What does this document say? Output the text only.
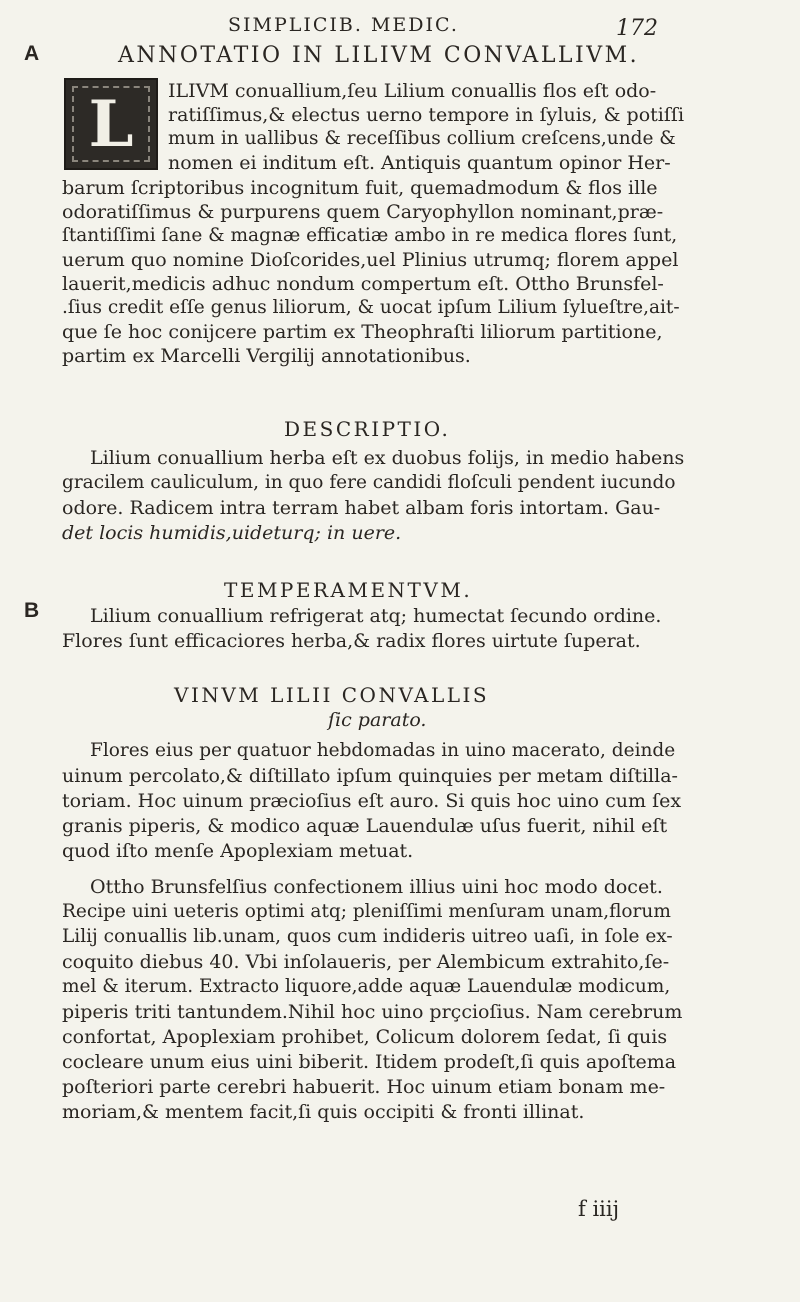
SIMPLICIB. MEDIC.	172
A	ANNOTATIO IN LILIVM CONVALLIVM.
L	ILIVM conuallium,ſeu Lilium conuallis flos eſt odo-
ratiſſimus,& electus uerno tempore in ſyluis, & potiſſi
mum in uallibus & receſſibus collium creſcens,unde &
nomen ei inditum eſt. Antiquis quantum opinor Her-
barum ſcriptoribus incognitum fuit, quemadmodum & flos ille
odoratiſſimus & purpurens quem Caryophyllon nominant,præ-
ſtantiſſimi ſane & magnæ efficatiæ ambo in re medica flores ſunt,
uerum quo nomine Dioſcorides,uel Plinius utrumq; florem appel
lauerit,medicis adhuc nondum compertum eſt. Ottho Brunsfel-
.ſius credit eſſe genus liliorum, & uocat ipſum Lilium ſylueſtre,ait-
que ſe hoc conijcere partim ex Theophraſti liliorum partitione,
partim ex Marcelli Vergilij annotationibus.
DESCRIPTIO.
Lilium conuallium herba eſt ex duobus folijs, in medio habens
gracilem cauliculum, in quo fere candidi floſculi pendent iucundo
odore. Radicem intra terram habet albam foris intortam. Gau-
det locis humidis,uideturq; in uere.
TEMPERAMENTVM.
B	Lilium conuallium refrigerat atq; humectat ſecundo ordine.
Flores ſunt efficaciores herba,& radix flores uirtute ſuperat.
VINVM LILII CONVALLIS
ſic parato.
Flores eius per quatuor hebdomadas in uino macerato, deinde
uinum percolato,& diſtillato ipſum quinquies per metam diſtilla-
toriam. Hoc uinum præcioſius eſt auro. Si quis hoc uino cum ſex
granis piperis, & modico aquæ Lauendulæ uſus fuerit, nihil eſt
quod iſto menſe Apoplexiam metuat.
Ottho Brunsfelſius confectionem illius uini hoc modo docet.
Recipe uini ueteris optimi atq; pleniſſimi menſuram unam,florum
Lilij conuallis lib.unam, quos cum indideris uitreo uaſi, in ſole ex-
coquito diebus 40. Vbi inſolaueris, per Alembicum extrahito,ſe-
mel & iterum. Extracto liquore,adde aquæ Lauendulæ modicum,
piperis triti tantundem.Nihil hoc uino prçcioſius. Nam cerebrum
confortat, Apoplexiam prohibet, Colicum dolorem ſedat, ſi quis
cocleare unum eius uini biberit. Itidem prodeſt,ſi quis apoſtema
poſteriori parte cerebri habuerit. Hoc uinum etiam bonam me-
moriam,& mentem facit,ſi quis occipiti & fronti illinat.
f iiij
